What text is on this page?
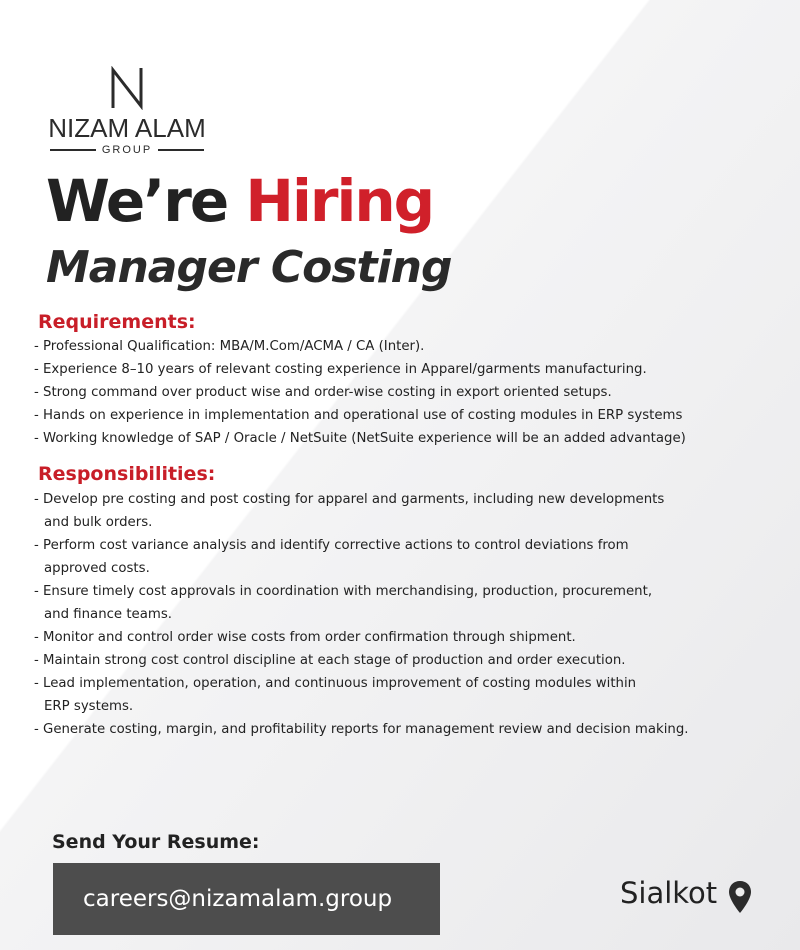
NIZAM ALAM
GROUP
We’re Hiring
Manager Costing
Requirements:
- Professional Qualification: MBA/M.Com/ACMA / CA (Inter).
- Experience 8–10 years of relevant costing experience in Apparel/garments manufacturing.
- Strong command over product wise and order-wise costing in export oriented setups.
- Hands on experience in implementation and operational use of costing modules in ERP systems
- Working knowledge of SAP / Oracle / NetSuite (NetSuite experience will be an added advantage)
Responsibilities:
- Develop pre costing and post costing for apparel and garments, including new developments
and bulk orders.
- Perform cost variance analysis and identify corrective actions to control deviations from
approved costs.
- Ensure timely cost approvals in coordination with merchandising, production, procurement,
and finance teams.
- Monitor and control order wise costs from order confirmation through shipment.
- Maintain strong cost control discipline at each stage of production and order execution.
- Lead implementation, operation, and continuous improvement of costing modules within
ERP systems.
- Generate costing, margin, and profitability reports for management review and decision making.
Send Your Resume:
careers@nizamalam.group	Sialkot
